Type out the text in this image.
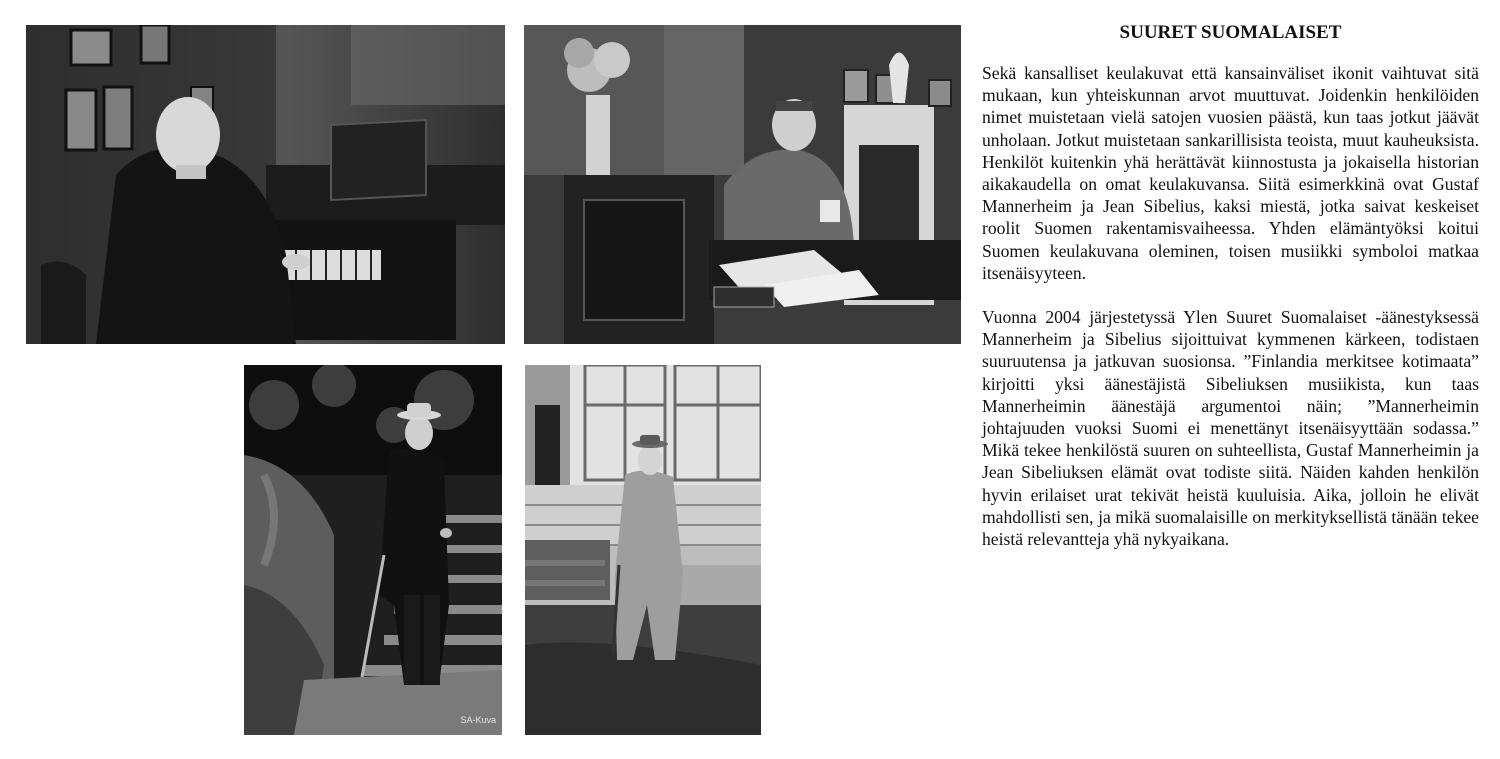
SA-Kuva
SUURET SUOMALAISET

Sekä kansalliset keulakuvat että kansainväliset ikonit vaihtuvat sitä mukaan, kun yhteiskunnan arvot muuttuvat. Joidenkin henkilöiden nimet muistetaan vielä satojen vuosien päästä, kun taas jotkut jäävät unholaan. Jotkut muistetaan sankarillisista teoista, muut kauheuksista. Henkilöt kuitenkin yhä herättävät kiinnostusta ja jokaisella historian aikakaudella on omat keulakuvansa. Siitä esimerkkinä ovat Gustaf Mannerheim ja Jean Sibelius, kaksi miestä, jotka saivat keskeiset roolit Suomen rakentamisvaiheessa. Yhden elämäntyöksi koitui Suomen keulakuvana oleminen, toisen musiikki symboloi matkaa itsenäisyyteen.

Vuonna 2004 järjestetyssä Ylen Suuret Suomalaiset -äänestyksessä Mannerheim ja Sibelius sijoittuivat kymmenen kärkeen, todistaen suuruutensa ja jatkuvan suosionsa. ”Finlandia merkitsee kotimaata” kirjoitti yksi äänestäjistä Sibeliuksen musiikista, kun taas Mannerheimin äänestäjä argumentoi näin; ”Mannerheimin johtajuuden vuoksi Suomi ei menettänyt itsenäisyyttään sodassa.” Mikä tekee henkilöstä suuren on suhteellista, Gustaf Mannerheimin ja Jean Sibeliuksen elämät ovat todiste siitä. Näiden kahden henkilön hyvin erilaiset urat tekivät heistä kuuluisia. Aika, jolloin he elivät mahdollisti sen, ja mikä suomalaisille on merkityksellistä tänään tekee heistä relevantteja yhä nykyaikana.
